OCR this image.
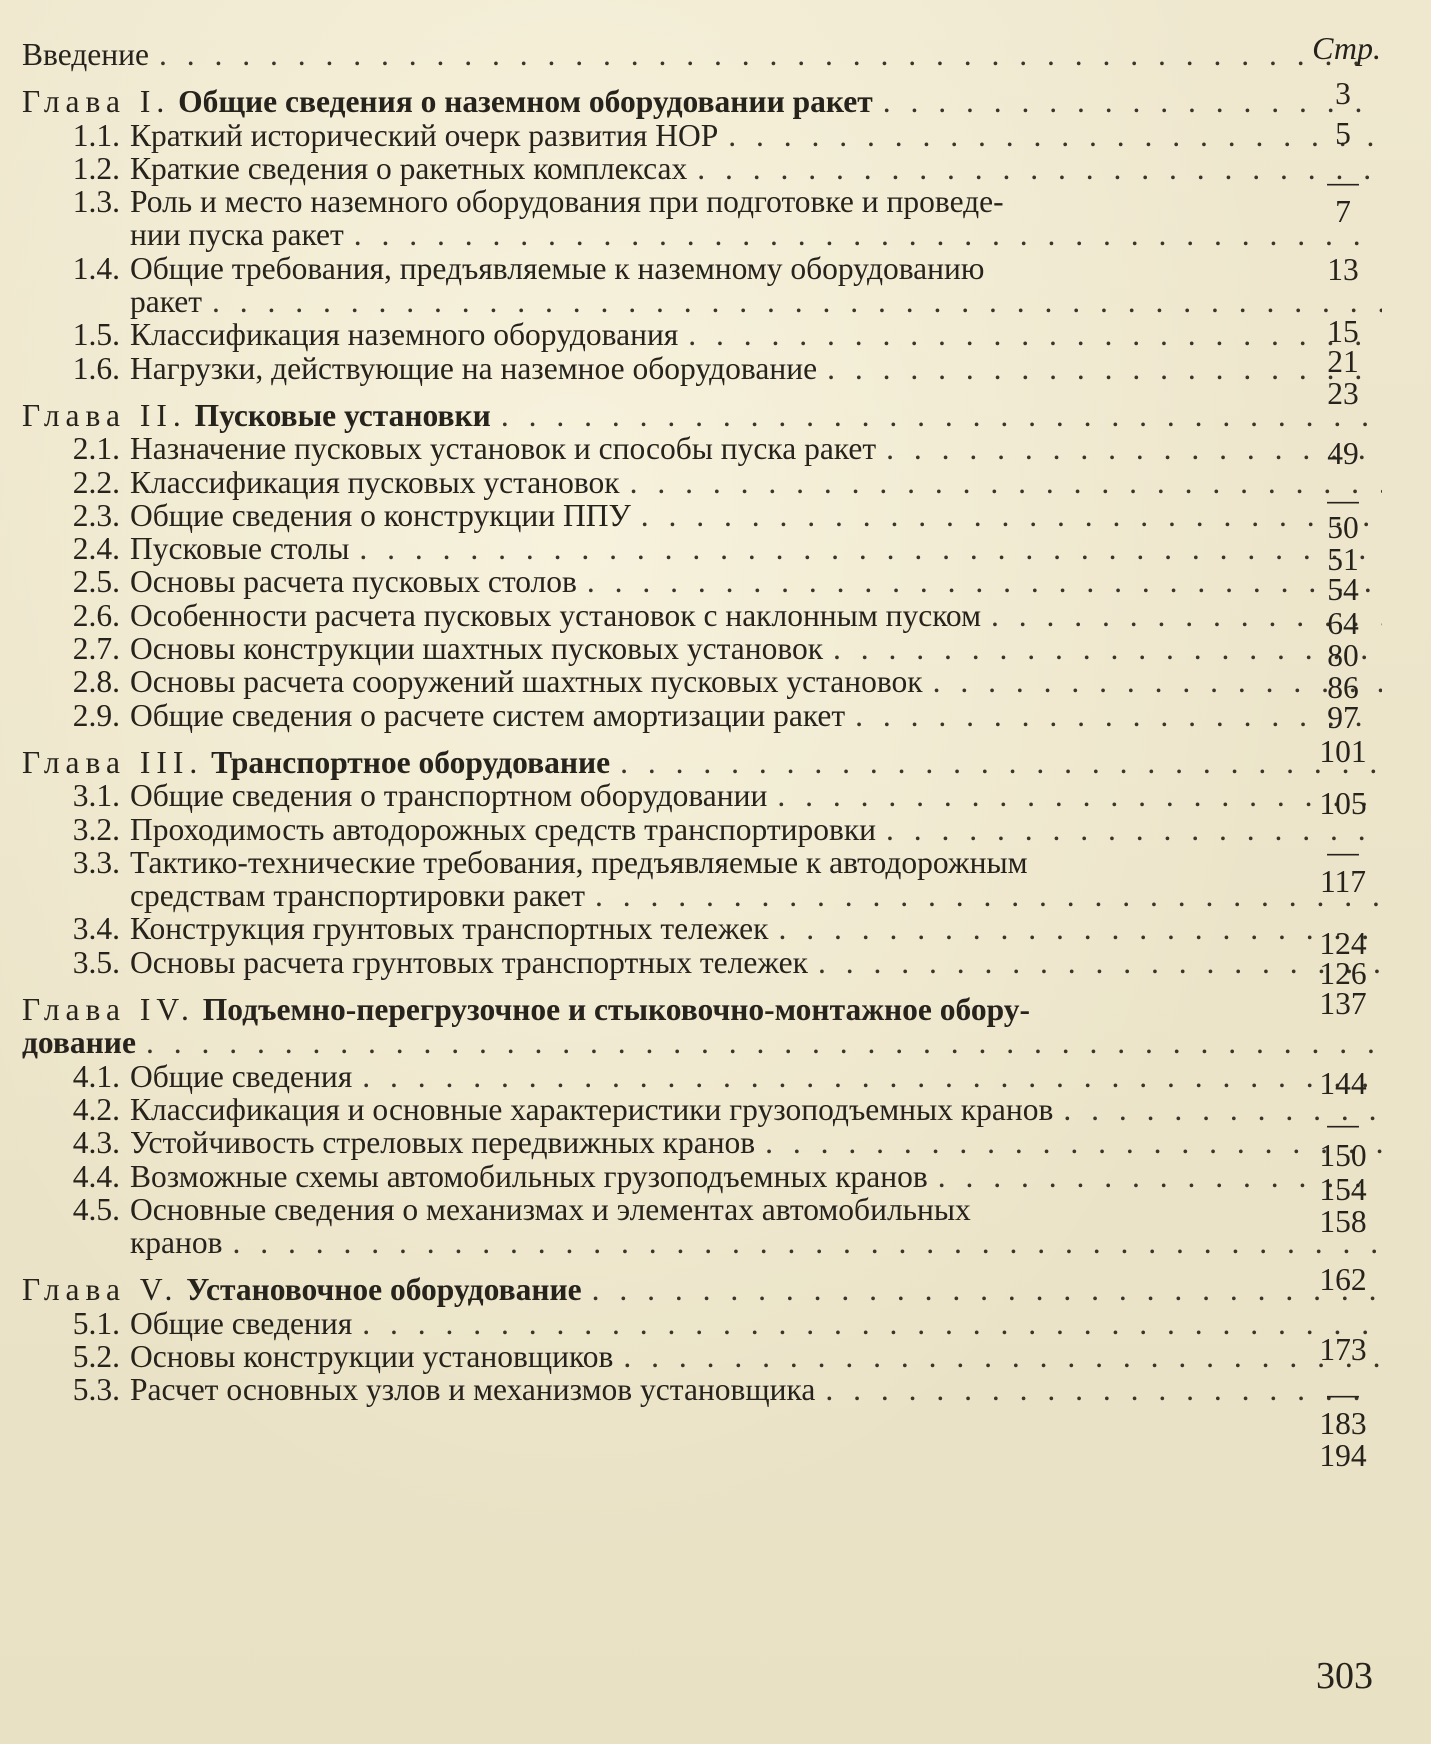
Стр.
Введение
. . .
Глава I.
Общие сведения о наземном оборудовании ракет
. . .
1.1. Краткий исторический очерк развития НОР
. . .
1.2. Краткие сведения о ракетных комплексах
. . .
1.3. Роль и место наземного оборудования при подготовке и проведе-
нии пуска ракет
. . .
1.4. Общие требования, предъявляемые к наземному оборудованию
ракет
. . .
1.5. Классификация наземного оборудования
. . .
1.6. Нагрузки, действующие на наземное оборудование
. . .
Глава II.
Пусковые установки
. . .
2.1. Назначение пусковых установок и способы пуска ракет
. . .
2.2. Классификация пусковых установок
. . .
2.3. Общие сведения о конструкции ППУ
. . .
2.4. Пусковые столы
. . .
2.5. Основы расчета пусковых столов
. . .
2.6. Особенности расчета пусковых установок с наклонным пуском
. . .
2.7. Основы конструкции шахтных пусковых установок
. . .
2.8. Основы расчета сооружений шахтных пусковых установок
. . .
2.9. Общие сведения о расчете систем амортизации ракет
. . .
Глава III.
Транспортное оборудование
. . .
3.1. Общие сведения о транспортном оборудовании
. . .
3.2. Проходимость автодорожных средств транспортировки
. . .
3.3. Тактико-технические требования, предъявляемые к автодорожным
средствам транспортировки ракет
. . .
3.4. Конструкция грунтовых транспортных тележек
. . .
3.5. Основы расчета грунтовых транспортных тележек
. . .
Глава IV.
Подъемно-перегрузочное и стыковочно-монтажное обору-
дование
. . .
4.1. Общие сведения
. . .
4.2. Классификация и основные характеристики грузоподъемных кранов
. . .
4.3. Устойчивость стреловых передвижных кранов
. . .
4.4. Возможные схемы автомобильных грузоподъемных кранов
. . .
4.5. Основные сведения о механизмах и элементах автомобильных
кранов
. . .
Глава V.
Установочное оборудование
. . .
5.1. Общие сведения
. . .
5.2. Основы конструкции установщиков
. . .
5.3. Расчет основных узлов и механизмов установщика
. . .
3
5
—
7
13
15
21
23
49
—
50
51
54
64
80
86
97
101
105
—
117
124
126
137
144
—
150
154
158
162
173
—
183
194
303
